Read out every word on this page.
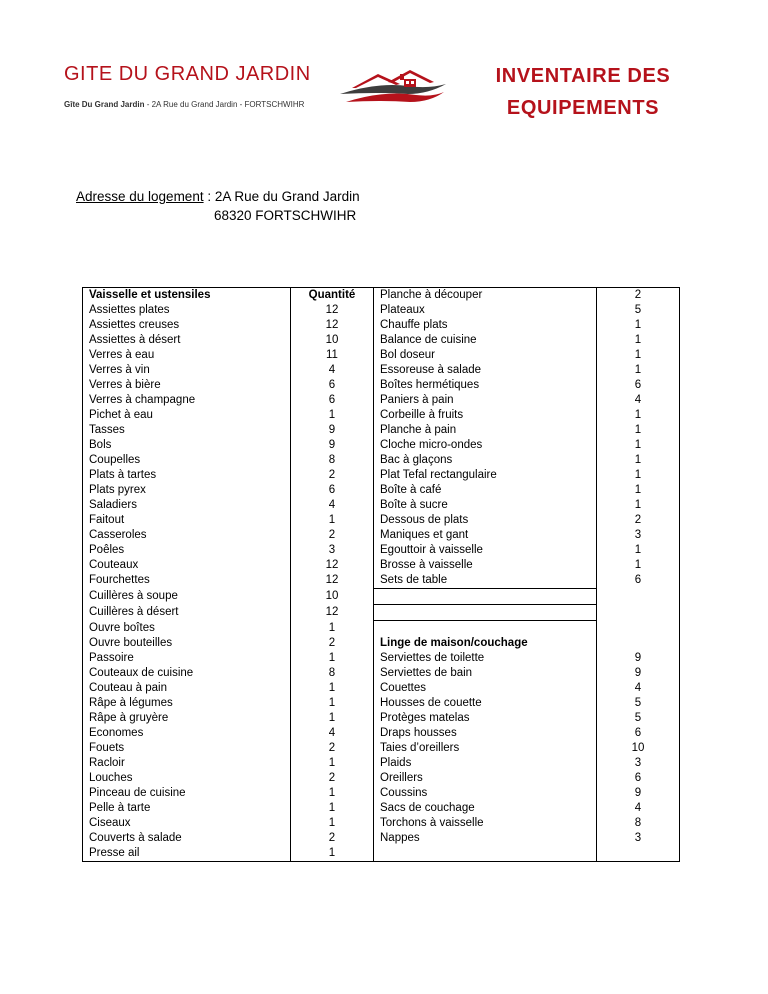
GITE DU GRAND JARDIN
Gîte Du Grand Jardin - 2A Rue du Grand Jardin - FORTSCHWIHR
INVENTAIRE DES
EQUIPEMENTS
Adresse du logement : 2A Rue du Grand Jardin
68320 FORTSCHWIHR
Vaisselle et ustensiles	Quantité	Planche à découper	2
Assiettes plates	12	Plateaux	5
Assiettes creuses	12	Chauffe plats	1
Assiettes à désert	10	Balance de cuisine	1
Verres à eau	11	Bol doseur	1
Verres à vin	4	Essoreuse à salade	1
Verres à bière	6	Boîtes hermétiques	6
Verres à champagne	6	Paniers à pain	4
Pichet à eau	1	Corbeille à fruits	1
Tasses	9	Planche à pain	1
Bols	9	Cloche micro-ondes	1
Coupelles	8	Bac à glaçons	1
Plats à tartes	2	Plat Tefal rectangulaire	1
Plats pyrex	6	Boîte à café	1
Saladiers	4	Boîte à sucre	1
Faitout	1	Dessous de plats	2
Casseroles	2	Maniques et gant	3
Poêles	3	Egouttoir à vaisselle	1
Couteaux	12	Brosse à vaisselle	1
Fourchettes	12	Sets de table	6
Cuillères à soupe	10		
Cuillères à désert	12		
Ouvre boîtes	1		
Ouvre bouteilles	2	Linge de maison/couchage	
Passoire	1	Serviettes de toilette	9
Couteaux de cuisine	8	Serviettes de bain	9
Couteau à pain	1	Couettes	4
Râpe à légumes	1	Housses de couette	5
Râpe à gruyère	1	Protèges matelas	5
Economes	4	Draps housses	6
Fouets	2	Taies d’oreillers	10
Racloir	1	Plaids	3
Louches	2	Oreillers	6
Pinceau de cuisine	1	Coussins	9
Pelle à tarte	1	Sacs de couchage	4
Ciseaux	1	Torchons à vaisselle	8
Couverts à salade	2	Nappes	3
Presse ail	1		
